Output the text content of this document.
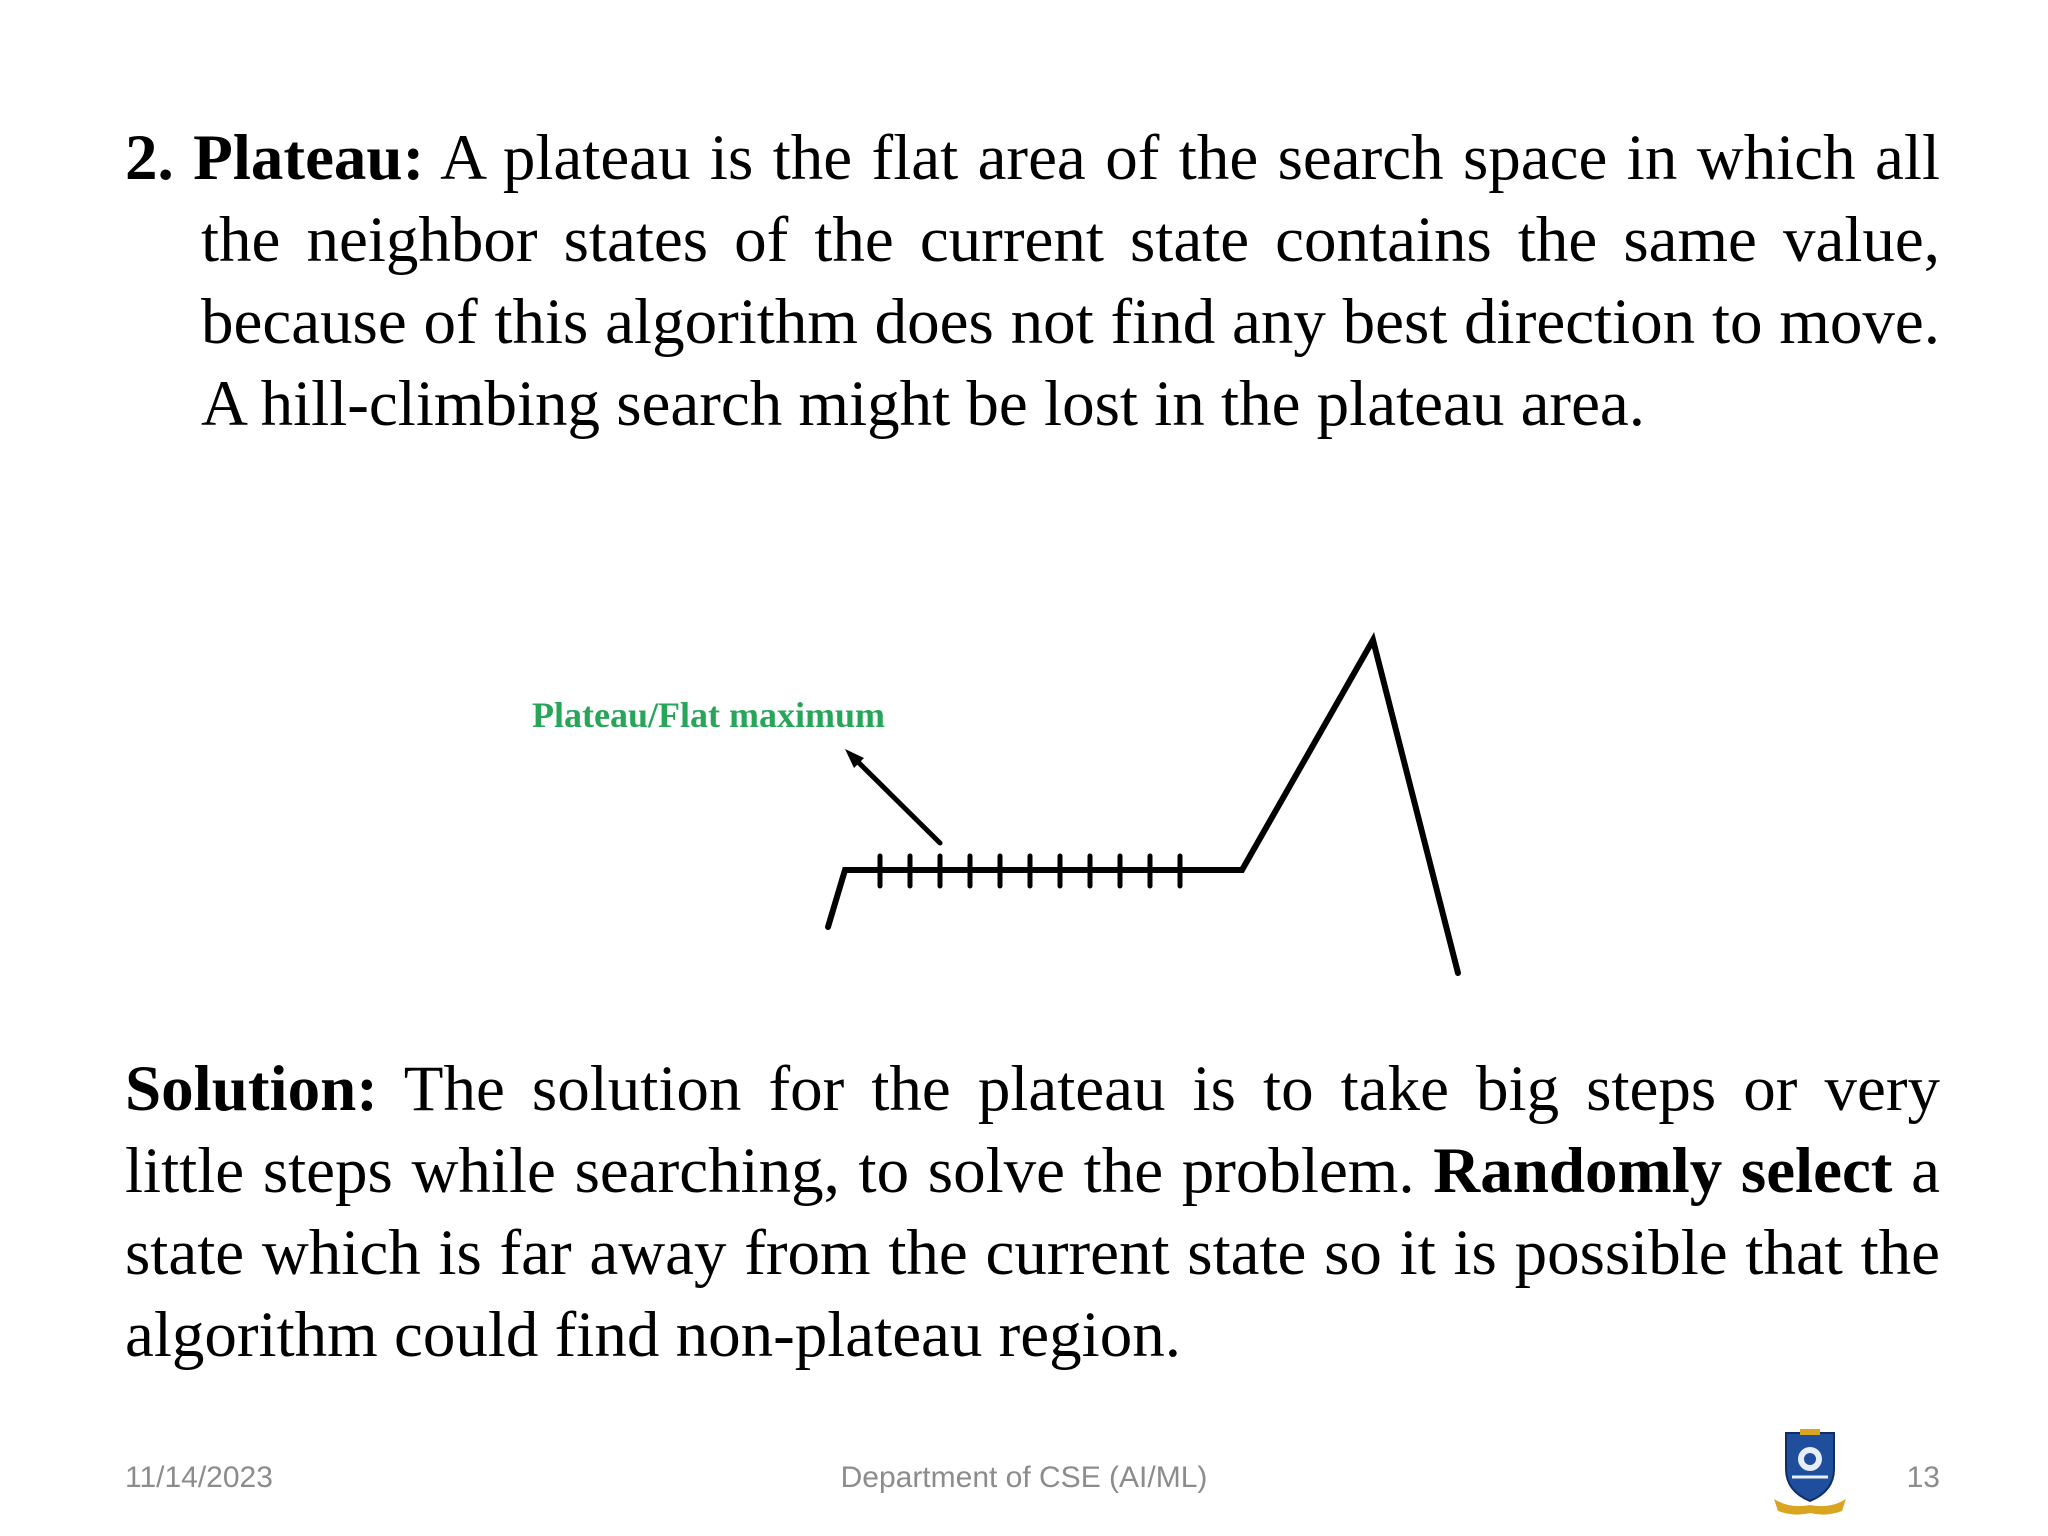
2. Plateau: A plateau is the flat area of the search space in which all the neighbor states of the current state contains the same value, because of this algorithm does not find any best direction to move. A hill-climbing search might be lost in the plateau area.

Plateau/Flat maximum

Solution: The solution for the plateau is to take big steps or very little steps while searching, to solve the problem. Randomly select a state which is far away from the current state so it is possible that the algorithm could find non-plateau region.

11/14/2023	Department of CSE (AI/ML)	13
